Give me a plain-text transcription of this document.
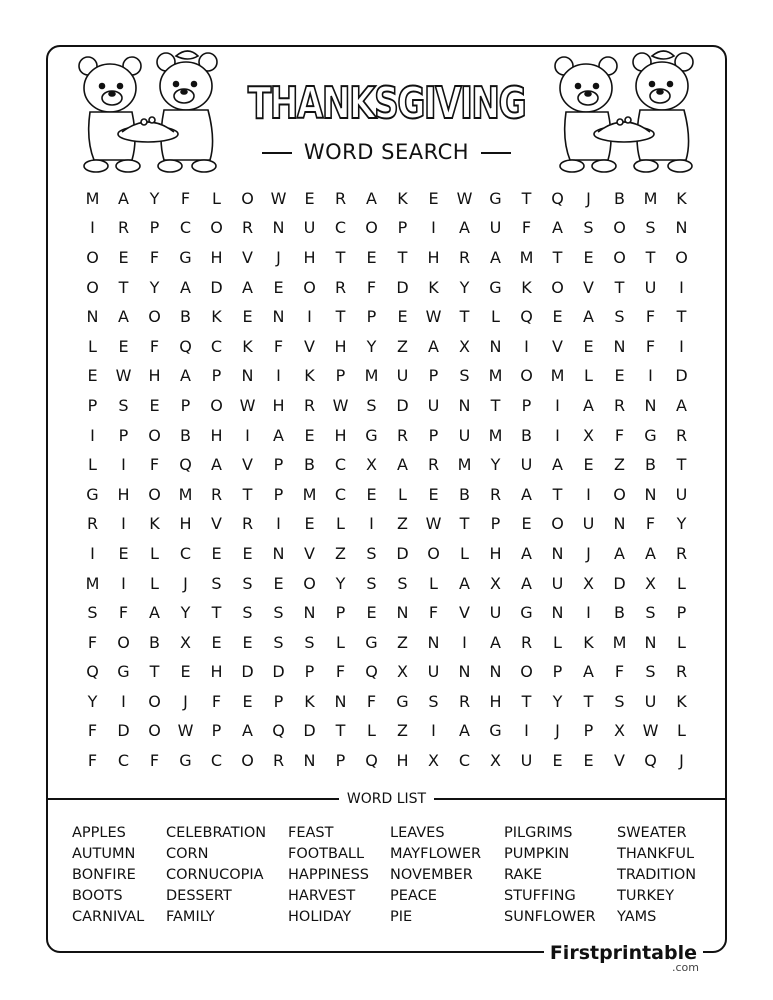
THANKSGIVING
WORD SEARCH
M	A	Y	F	L	O	W	E	R	A	K	E	W	G	T	Q	J	B	M	K
I	R	P	C	O	R	N	U	C	O	P	I	A	U	F	A	S	O	S	N
O	E	F	G	H	V	J	H	T	E	T	H	R	A	M	T	E	O	T	O
O	T	Y	A	D	A	E	O	R	F	D	K	Y	G	K	O	V	T	U	I
N	A	O	B	K	E	N	I	T	P	E	W	T	L	Q	E	A	S	F	T
L	E	F	Q	C	K	F	V	H	Y	Z	A	X	N	I	V	E	N	F	I
E	W	H	A	P	N	I	K	P	M	U	P	S	M	O	M	L	E	I	D
P	S	E	P	O	W	H	R	W	S	D	U	N	T	P	I	A	R	N	A
I	P	O	B	H	I	A	E	H	G	R	P	U	M	B	I	X	F	G	R
L	I	F	Q	A	V	P	B	C	X	A	R	M	Y	U	A	E	Z	B	T
G	H	O	M	R	T	P	M	C	E	L	E	B	R	A	T	I	O	N	U
R	I	K	H	V	R	I	E	L	I	Z	W	T	P	E	O	U	N	F	Y
I	E	L	C	E	E	N	V	Z	S	D	O	L	H	A	N	J	A	A	R
M	I	L	J	S	S	E	O	Y	S	S	L	A	X	A	U	X	D	X	L
S	F	A	Y	T	S	S	N	P	E	N	F	V	U	G	N	I	B	S	P
F	O	B	X	E	E	S	S	L	G	Z	N	I	A	R	L	K	M	N	L
Q	G	T	E	H	D	D	P	F	Q	X	U	N	N	O	P	A	F	S	R
Y	I	O	J	F	E	P	K	N	F	G	S	R	H	T	Y	T	S	U	K
F	D	O	W	P	A	Q	D	T	L	Z	I	A	G	I	J	P	X	W	L
F	C	F	G	C	O	R	N	P	Q	H	X	C	X	U	E	E	V	Q	J
WORD LIST
APPLES
AUTUMN
BONFIRE
BOOTS
CARNIVAL
CELEBRATION
CORN
CORNUCOPIA
DESSERT
FAMILY
FEAST
FOOTBALL
HAPPINESS
HARVEST
HOLIDAY
LEAVES
MAYFLOWER
NOVEMBER
PEACE
PIE
PILGRIMS
PUMPKIN
RAKE
STUFFING
SUNFLOWER
SWEATER
THANKFUL
TRADITION
TURKEY
YAMS
Firstprintable
.com
